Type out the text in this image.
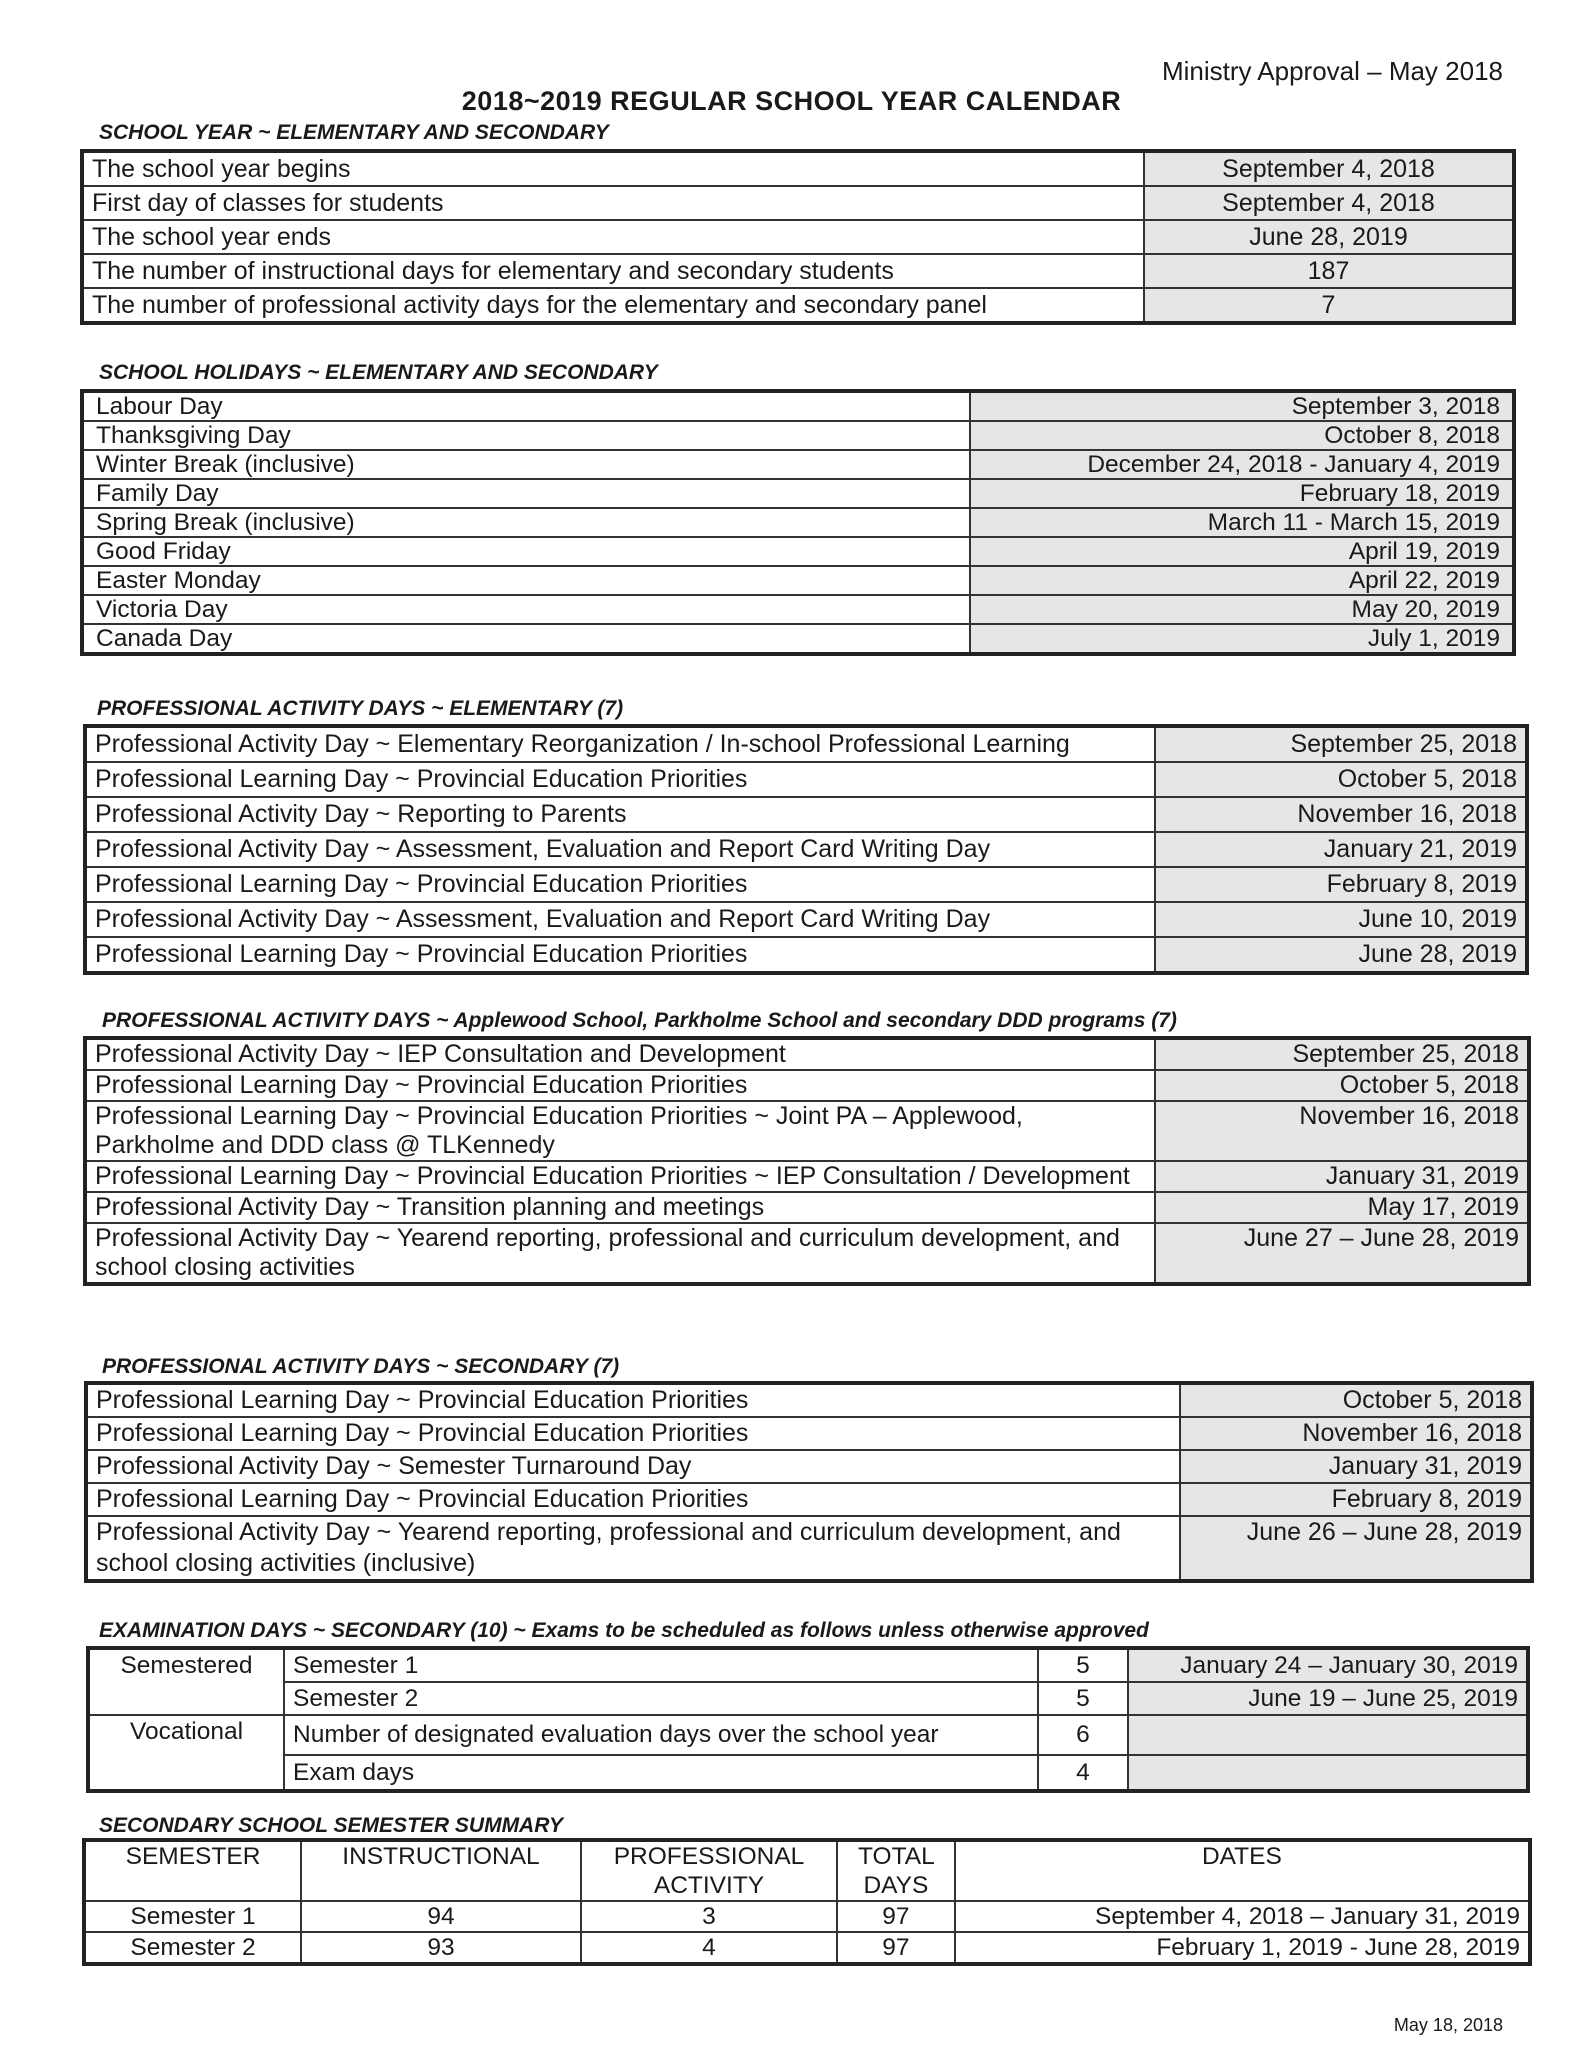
Ministry Approval – May 2018
2018~2019 REGULAR SCHOOL YEAR CALENDAR
SCHOOL YEAR ~ ELEMENTARY AND SECONDARY
The school year begins	September 4, 2018
First day of classes for students	September 4, 2018
The school year ends	June 28, 2019
The number of instructional days for elementary and secondary students	187
The number of professional activity days for the elementary and secondary panel	7
SCHOOL HOLIDAYS ~ ELEMENTARY AND SECONDARY
Labour Day	September 3, 2018
Thanksgiving Day	October 8, 2018
Winter Break (inclusive)	December 24, 2018 - January 4, 2019
Family Day	February 18, 2019
Spring Break (inclusive)	March 11 - March 15, 2019
Good Friday	April 19, 2019
Easter Monday	April 22, 2019
Victoria Day	May 20, 2019
Canada Day	July 1, 2019
PROFESSIONAL ACTIVITY DAYS ~ ELEMENTARY (7)
Professional Activity Day ~ Elementary Reorganization / In-school Professional Learning	September 25, 2018
Professional Learning Day ~ Provincial Education Priorities	October 5, 2018
Professional Activity Day ~ Reporting to Parents	November 16, 2018
Professional Activity Day ~ Assessment, Evaluation and Report Card Writing Day	January 21, 2019
Professional Learning Day ~ Provincial Education Priorities	February 8, 2019
Professional Activity Day ~ Assessment, Evaluation and Report Card Writing Day	June 10, 2019
Professional Learning Day ~ Provincial Education Priorities	June 28, 2019
PROFESSIONAL ACTIVITY DAYS ~ Applewood School, Parkholme School and secondary DDD programs (7)
Professional Activity Day ~ IEP Consultation and Development	September 25, 2018
Professional Learning Day ~ Provincial Education Priorities	October 5, 2018
Professional Learning Day ~ Provincial Education Priorities ~ Joint PA – Applewood, Parkholme and DDD class @ TLKennedy	November 16, 2018
Professional Learning Day ~ Provincial Education Priorities ~ IEP Consultation / Development	January 31, 2019
Professional Activity Day ~ Transition planning and meetings	May 17, 2019
Professional Activity Day ~ Yearend reporting, professional and curriculum development, and school closing activities	June 27 – June 28, 2019
PROFESSIONAL ACTIVITY DAYS ~ SECONDARY (7)
Professional Learning Day ~ Provincial Education Priorities	October 5, 2018
Professional Learning Day ~ Provincial Education Priorities	November 16, 2018
Professional Activity Day ~ Semester Turnaround Day	January 31, 2019
Professional Learning Day ~ Provincial Education Priorities	February 8, 2019
Professional Activity Day ~ Yearend reporting, professional and curriculum development, and school closing activities (inclusive)	June 26 – June 28, 2019
EXAMINATION DAYS ~ SECONDARY (10) ~ Exams to be scheduled as follows unless otherwise approved
Semestered	Semester 1	5	January 24 – January 30, 2019
	Semester 2	5	June 19 – June 25, 2019
Vocational	Number of designated evaluation days over the school year	6	
	Exam days	4	
SECONDARY SCHOOL SEMESTER SUMMARY
SEMESTER	INSTRUCTIONAL	PROFESSIONAL ACTIVITY	TOTAL DAYS	DATES
Semester 1	94	3	97	September 4, 2018 – January 31, 2019
Semester 2	93	4	97	February 1, 2019 - June 28, 2019
May 18, 2018
